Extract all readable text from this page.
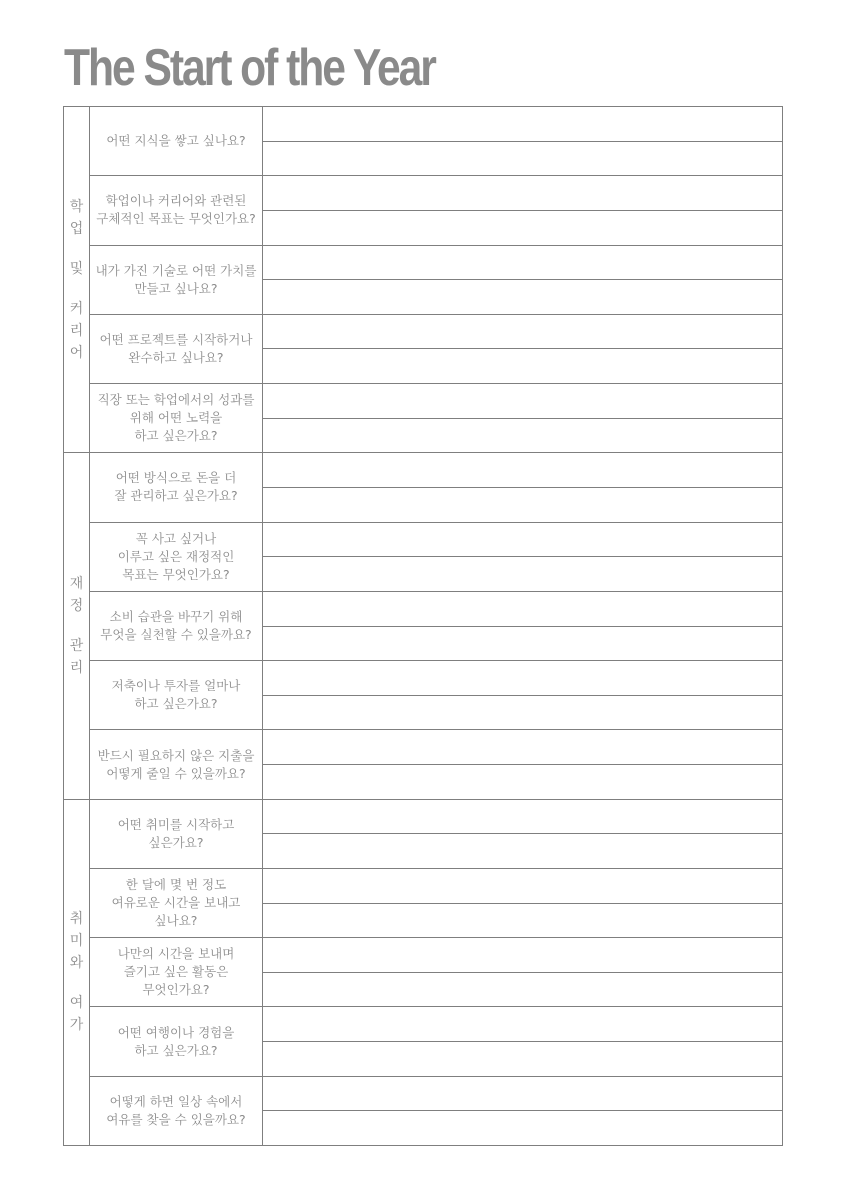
The Start of the Year
학
업
및
커
리
어
어떤 지식을 쌓고 싶나요?
학업이나 커리어와 관련된
구체적인 목표는 무엇인가요?
내가 가진 기술로 어떤 가치를
만들고 싶나요?
어떤 프로젝트를 시작하거나
완수하고 싶나요?
직장 또는 학업에서의 성과를
위해 어떤 노력을
하고 싶은가요?
재
정
관
리
어떤 방식으로 돈을 더
잘 관리하고 싶은가요?
꼭 사고 싶거나
이루고 싶은 재정적인
목표는 무엇인가요?
소비 습관을 바꾸기 위해
무엇을 실천할 수 있을까요?
저축이나 투자를 얼마나
하고 싶은가요?
반드시 필요하지 않은 지출을
어떻게 줄일 수 있을까요?
취
미
와
여
가
어떤 취미를 시작하고
싶은가요?
한 달에 몇 번 정도
여유로운 시간을 보내고
싶나요?
나만의 시간을 보내며
즐기고 싶은 활동은
무엇인가요?
어떤 여행이나 경험을
하고 싶은가요?
어떻게 하면 일상 속에서
여유를 찾을 수 있을까요?
